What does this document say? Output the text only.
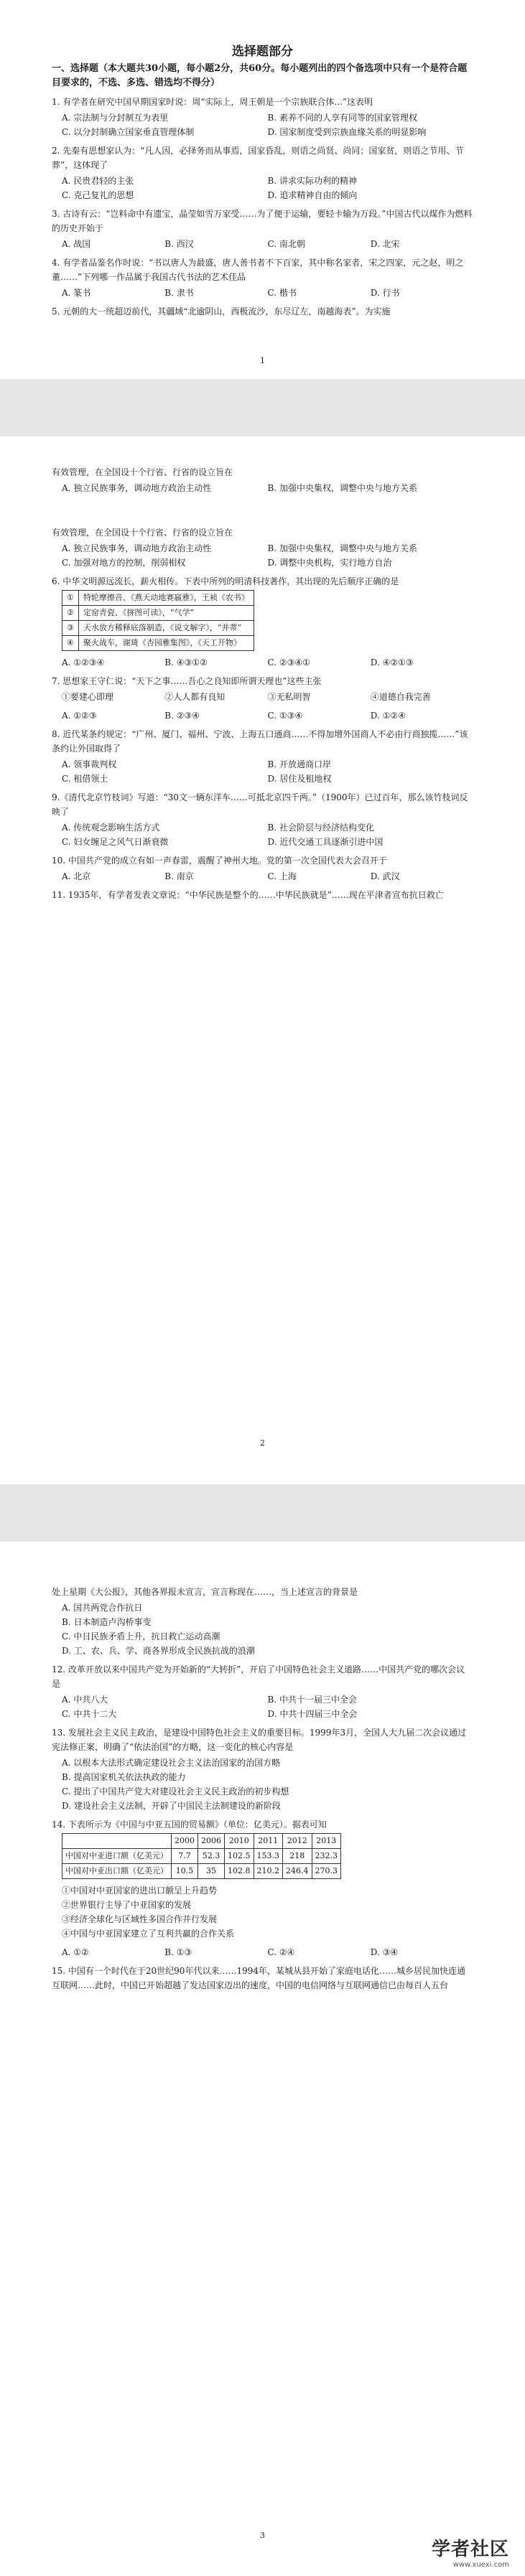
选择题部分
一、选择题（本大题共30小题，每小题2分，共60分。每小题列出的四个备选项中只有一个是符合题目要求的，不选、多选、错选均不得分）
1. 有学者在研究中国早期国家时说：周“实际上，周王朝是一个宗族联合体...”这表明
A. 宗法制与分封制互为表里	B. 素养不同的人享有同等的国家管理权
C. 以分封制确立国家垂直管理体制	D. 国家制度受到宗族血缘关系的明显影响
2. 先秦有思想家认为：“凡人因，必择务而从事焉，国家昏乱，则语之尚贤、尚同；国家贫，则语之节用、节葬”，这体现了
A. 民贵君轻的主张	B. 讲求实际功利的精神
C. 克己复礼的思想	D. 追求精神自由的倾向
3. 古诗有云：“岂料命中有遗宝，晶莹如雪万家受……为了便于运输，要轻卡输为万段。”中国古代以煤作为燃料的历史开始于
A. 战国	B. 西汉	C. 南北朝	D. 北宋
4. 有学者品鉴名作时说：“书以唐人为最盛，唐人善书者不下百家，其中称名家者，宋之四家，元之赵，明之董……”下列哪一作品属于我国古代书法的艺术佳品
A. 篆书	B. 隶书	C. 楷书	D. 行书
5. 元朝的大一统超迈前代，其疆域“北逾阴山，西极流沙，东尽辽左，南越海表”。为实施
1
有效管理，在全国设十个行省、行省的设立旨在
A. 独立民族事务，调动地方政治主动性	B. 加强中央集权，调整中央与地方关系
有效管理，在全国设十个行省、行省的设立旨在
A. 独立民族事务，调动地方政治主动性	B. 加强中央集权，调整中央与地方关系
C. 加强对地方的控制，削弱相权	D. 调整中央机构，实行地方自治
6. 中华文明源远流长，薪火相传。下表中所列的明清科技著作，其出现的先后顺序正确的是
①	特轮摩擦音、《燕天动地赛嬴雅》，王祯《农书》
②	定窑青瓷、《拼图可读》，“气学”
③	天水放方稀释底落制造，《说文解字》，“并蒂”
④	聚火战车，谢琦《杏园雅集图》，《天工开物》
A. ①②③④	B. ④③①②	C. ②③④①	D. ④②①③
7. 思想家王守仁说：“天下之事……吾心之良知即所谓天理也”这些主张
①要建心即理	②人人都有良知	③无私明智	④道德自我完善
A. ①②③	B. ②③④	C. ①③④	D. ①②④
8. 近代某条约规定：“广州、厦门、福州、宁波、上海五口通商……不得加增外国商人不必由行商独揽……”该条约让外国取得了
A. 领事裁判权	B. 开放通商口岸
C. 租借领土	D. 居住及租地权
9.《清代北京竹枝词》写道：“30文一辆东洋车……可抵北京四千两。”（1900年）已过百年，那么该竹枝词反映了
A. 传统观念影响生活方式	B. 社会阶层与经济结构变化
C. 妇女缠足之风气日渐衰微	D. 近代交通工具逐渐引进中国
10. 中国共产党的成立有如一声春雷，震醒了神州大地。党的第一次全国代表大会召开于
A. 北京	B. 南京	C. 上海	D. 武汉
11. 1935年，有学者发表文章说：“中华民族是整个的……中华民族就是”……现在平津者宣布抗日救亡
2
处上星期《大公报》，其他各界报未宣言，宣言称现在……，当上述宣言的背景是
A. 国共两党合作抗日
B. 日本制造卢沟桥事变
C. 中日民族矛盾上升，抗日救亡运动高潮
D. 工、农、兵、学、商各界形成全民族抗战的浪潮
12. 改革开放以来中国共产党为开始新的“大转折”，开启了中国特色社会主义道路……中国共产党的哪次会议是
A. 中共八大	B. 中共十一届三中全会
C. 中共十二大	D. 中共十四届三中全会
13. 发展社会主义民主政治，是建设中国特色社会主义的重要目标。1999年3月，全国人大九届二次会议通过宪法修正案，明确了“依法治国”的方略，这一变化的核心内容是
A. 以根本大法形式确定建设社会主义法治国家的治国方略
B. 提高国家机关依法执政的能力
C. 提出了中国共产党大对建设社会主义民主政治的初步构想
D. 建设社会主义法制，开辟了中国民主法制建设的新阶段
14. 下表所示为《中国与中亚五国的贸易额》（单位：亿美元）。据表可知
	2000	2006	2010	2011	2012	2013
中国对中亚进口额（亿美元）	7.7	52.3	102.5	153.3	218	232.3
中国对中亚出口额（亿美元）	10.5	35	102.8	210.2	246.4	270.3
①中国对中亚国家的进出口额呈上升趋势
②世界银行主导了中亚国家的发展
③经济全球化与区域性多国合作并行发展
④中国与中亚国家建立了互利共赢的合作关系
A. ①②	B. ①③	C. ②④	D. ③④
15. 中国有一个时代在于20世纪90年代以来……1994年，某城从县开始了家庭电话化……城乡居民加快连通互联网……此时，中国已开始超越了发达国家迈出的速度，中国的电信网络与互联网通信已由每百人五台
3
学者社区
www.xuexi.com
